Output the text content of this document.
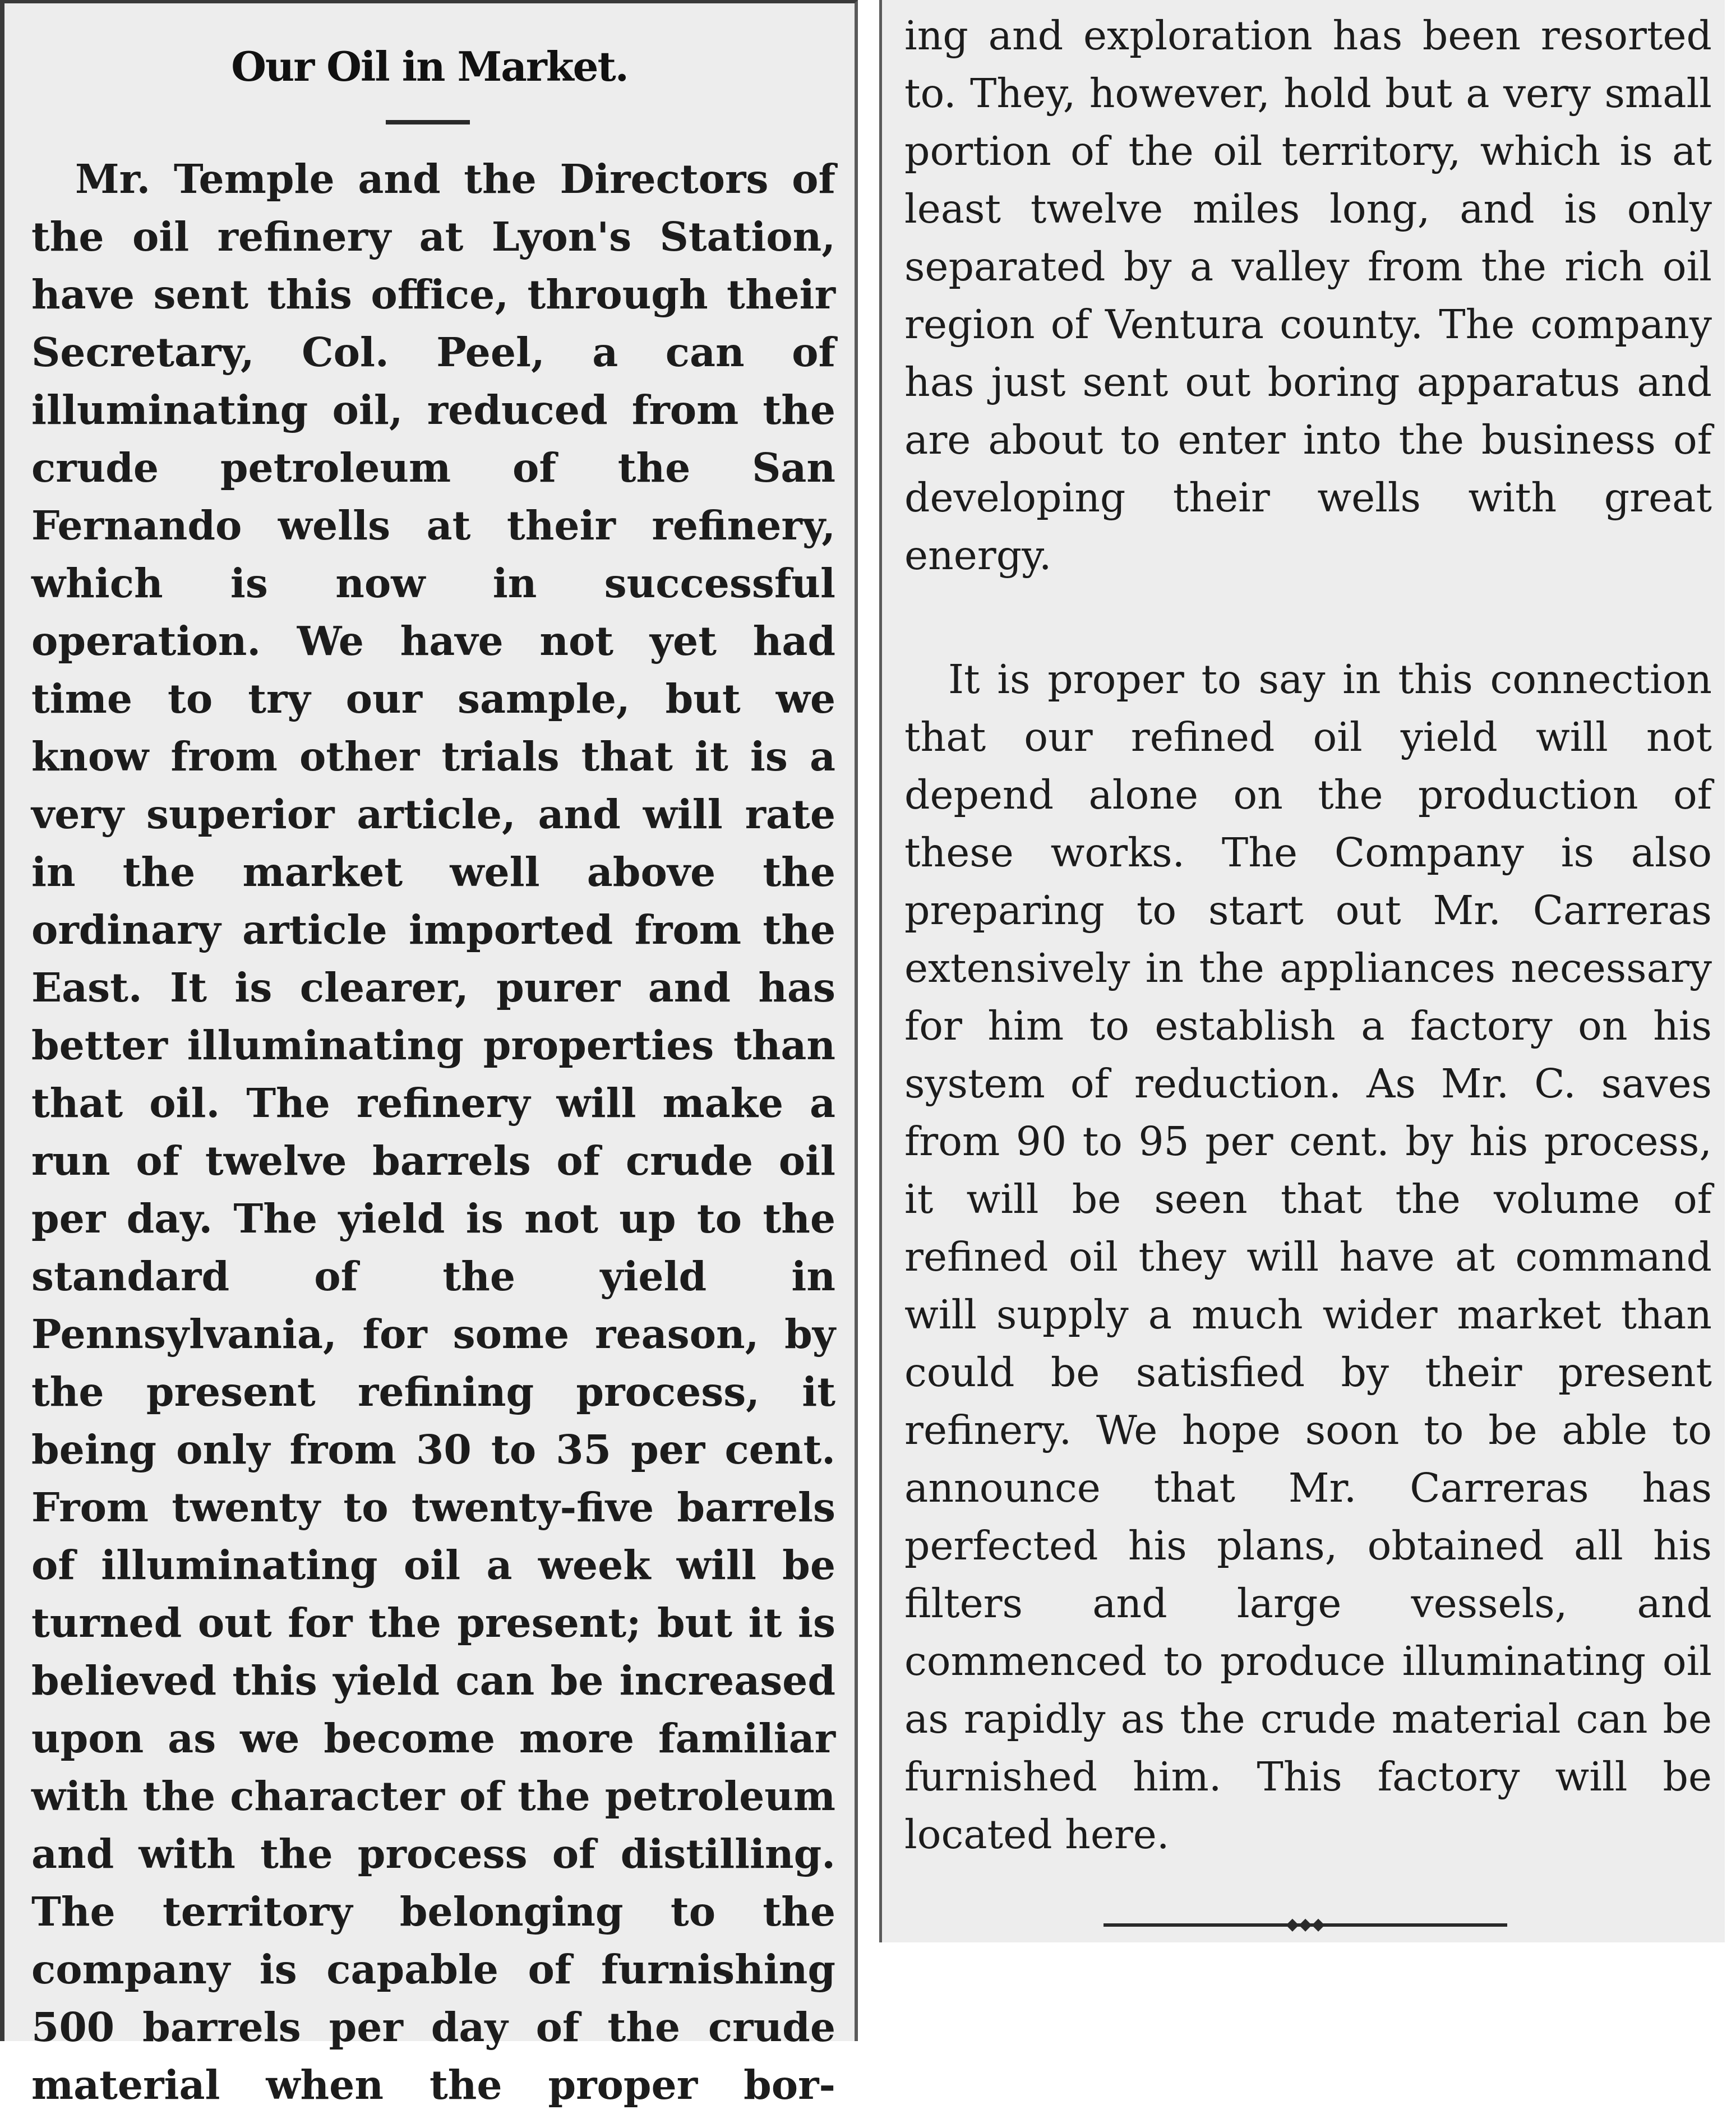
Our Oil in Market.

Mr. Temple and the Directors of the oil refinery at Lyon's Station, have sent this office, through their Secretary, Col. Peel, a can of illuminating oil, reduced from the crude petroleum of the San Fernando wells at their refinery, which is now in successful operation. We have not yet had time to try our sample, but we know from other trials that it is a very superior article, and will rate in the market well above the ordinary article imported from the East. It is clearer, purer and has better illuminating properties than that oil. The refinery will make a run of twelve barrels of crude oil per day. The yield is not up to the standard of the yield in Pennsylvania, for some reason, by the present refining process, it being only from 30 to 35 per cent. From twenty to twenty-five barrels of illuminating oil a week will be turned out for the present; but it is believed this yield can be increased upon as we become more familiar with the character of the petroleum and with the process of distilling. The territory belonging to the company is capable of furnishing 500 barrels per day of the crude material when the proper bor-

ing and exploration has been resorted to. They, however, hold but a very small portion of the oil territory, which is at least twelve miles long, and is only separated by a valley from the rich oil region of Ventura county. The company has just sent out boring apparatus and are about to enter into the business of developing their wells with great energy.

It is proper to say in this connection that our refined oil yield will not depend alone on the production of these works. The Company is also preparing to start out Mr. Carreras extensively in the appliances necessary for him to establish a factory on his system of reduction. As Mr. C. saves from 90 to 95 per cent. by his process, it will be seen that the volume of refined oil they will have at command will supply a much wider market than could be satisfied by their present refinery. We hope soon to be able to announce that Mr. Carreras has perfected his plans, obtained all his filters and large vessels, and commenced to produce illuminating oil as rapidly as the crude material can be furnished him. This factory will be located here.

◆◆◆
